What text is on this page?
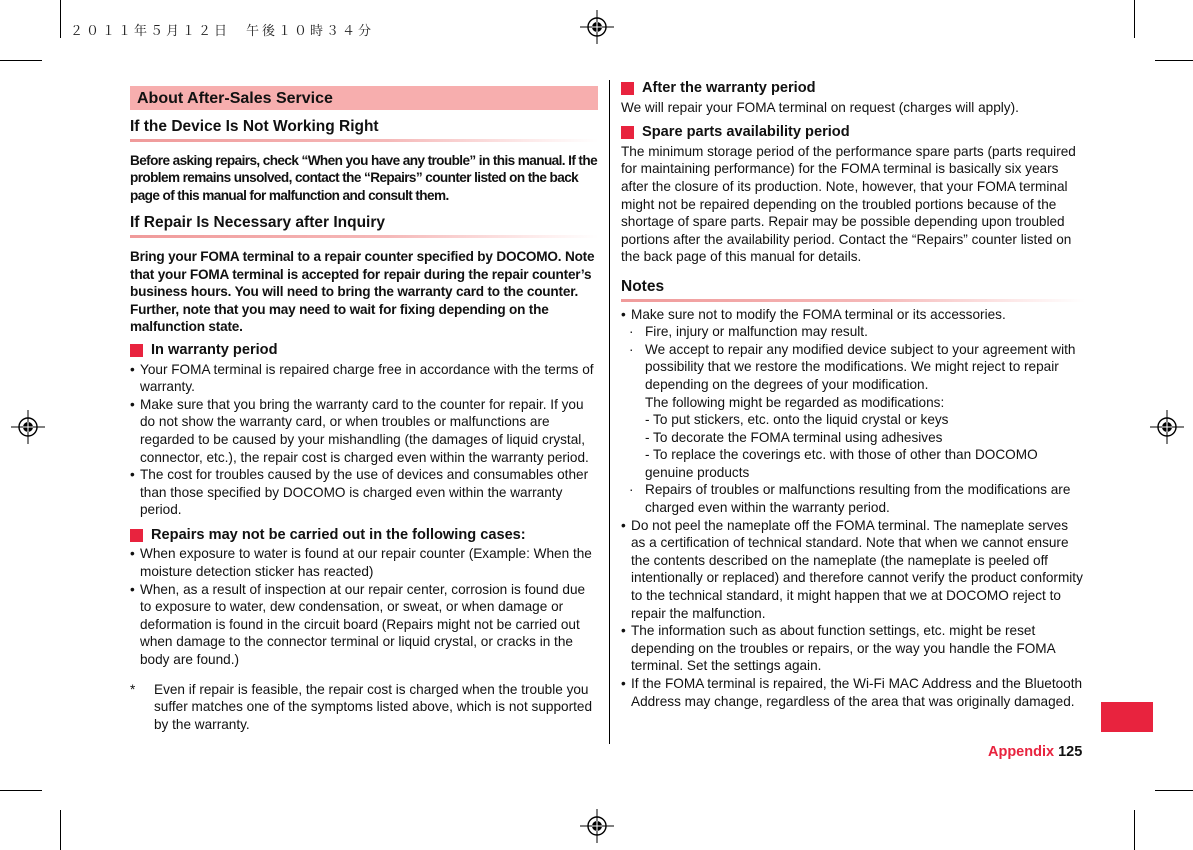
２０１１年５月１２日　午後１０時３４分
About After-Sales Service
If the Device Is Not Working Right

Before asking repairs, check “When you have any trouble” in this manual. If the problem remains unsolved, contact the “Repairs” counter listed on the back page of this manual for malfunction and consult them.

If Repair Is Necessary after Inquiry

Bring your FOMA terminal to a repair counter specified by DOCOMO. Note that your FOMA terminal is accepted for repair during the repair counter’s business hours. You will need to bring the warranty card to the counter. Further, note that you may need to wait for fixing depending on the malfunction state.

In warranty period

• Your FOMA terminal is repaired charge free in accordance with the terms of warranty.

• Make sure that you bring the warranty card to the counter for repair. If you do not show the warranty card, or when troubles or malfunctions are regarded to be caused by your mishandling (the damages of liquid crystal, connector, etc.), the repair cost is charged even within the warranty period.

• The cost for troubles caused by the use of devices and consumables other than those specified by DOCOMO is charged even within the warranty period.

Repairs may not be carried out in the following cases:

• When exposure to water is found at our repair counter (Example: When the moisture detection sticker has reacted)

• When, as a result of inspection at our repair center, corrosion is found due to exposure to water, dew condensation, or sweat, or when damage or deformation is found in the circuit board (Repairs might not be carried out when damage to the connector terminal or liquid crystal, or cracks in the body are found.)

* Even if repair is feasible, the repair cost is charged when the trouble you suffer matches one of the symptoms listed above, which is not supported by the warranty.
After the warranty period

We will repair your FOMA terminal on request (charges will apply).

Spare parts availability period

The minimum storage period of the performance spare parts (parts required for maintaining performance) for the FOMA terminal is basically six years after the closure of its production. Note, however, that your FOMA terminal might not be repaired depending on the troubled portions because of the shortage of spare parts. Repair may be possible depending upon troubled portions after the availability period. Contact the “Repairs” counter listed on the back page of this manual for details.

Notes

• Make sure not to modify the FOMA terminal or its accessories.

· Fire, injury or malfunction may result.

· We accept to repair any modified device subject to your agreement with possibility that we restore the modifications. We might reject to repair depending on the degrees of your modification.

The following might be regarded as modifications:

- To put stickers, etc. onto the liquid crystal or keys

- To decorate the FOMA terminal using adhesives

- To replace the coverings etc. with those of other than DOCOMO genuine products

· Repairs of troubles or malfunctions resulting from the modifications are charged even within the warranty period.

• Do not peel the nameplate off the FOMA terminal. The nameplate serves as a certification of technical standard. Note that when we cannot ensure the contents described on the nameplate (the nameplate is peeled off intentionally or replaced) and therefore cannot verify the product conformity to the technical standard, it might happen that we at DOCOMO reject to repair the malfunction.

• The information such as about function settings, etc. might be reset depending on the troubles or repairs, or the way you handle the FOMA terminal. Set the settings again.

• If the FOMA terminal is repaired, the Wi-Fi MAC Address and the Bluetooth Address may change, regardless of the area that was originally damaged.

Appendix 125
